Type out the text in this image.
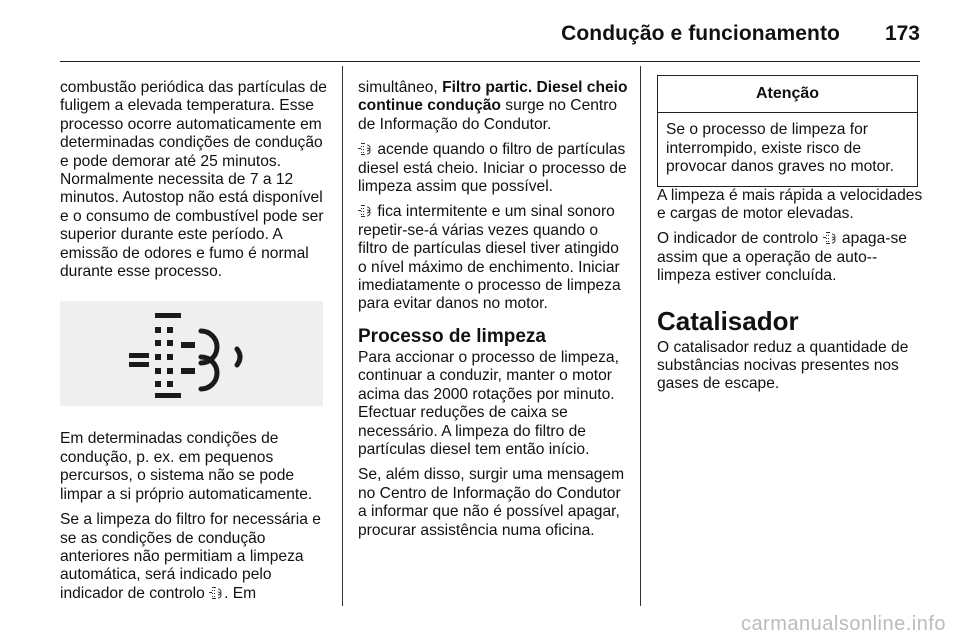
Condução e funcionamento 173

combustão periódica das partículas de fuligem a elevada temperatura. Esse processo ocorre automaticamente em determinadas condições de condução e pode demorar até 25 minutos. Normalmente necessita de 7 a 12 minutos. Autostop não está disponível e o consumo de combustível pode ser superior durante este período. A emissão de odores e fumo é normal durante esse processo.

Em determinadas condições de condução, p. ex. em pequenos percursos, o sistema não se pode limpar a si próprio automaticamente.

Se a limpeza do filtro for necessária e se as condições de condução anteriores não permitiam a limpeza automática, será indicado pelo indicador de controlo . Em

simultâneo, Filtro partic. Diesel cheio continue condução surge no Centro de Informação do Condutor.

acende quando o filtro de partículas diesel está cheio. Iniciar o processo de limpeza assim que possível.

fica intermitente e um sinal sonoro repetir-se-á várias vezes quando o filtro de partículas diesel tiver atingido o nível máximo de enchimento. Iniciar imediatamente o processo de limpeza para evitar danos no motor.

Processo de limpeza

Para accionar o processo de limpeza, continuar a conduzir, manter o motor acima das 2000 rotações por minuto. Efectuar reduções de caixa se necessário. A limpeza do filtro de partículas diesel tem então início.

Se, além disso, surgir uma mensagem no Centro de Informação do Condutor a informar que não é possível apagar, procurar assistência numa oficina.

Atenção
Se o processo de limpeza for interrompido, existe risco de provocar danos graves no motor.

A limpeza é mais rápida a velocidades e cargas de motor elevadas.

O indicador de controlo  apaga-se assim que a operação de auto--limpeza estiver concluída.

Catalisador

O catalisador reduz a quantidade de substâncias nocivas presentes nos gases de escape.

carmanualsonline.info
